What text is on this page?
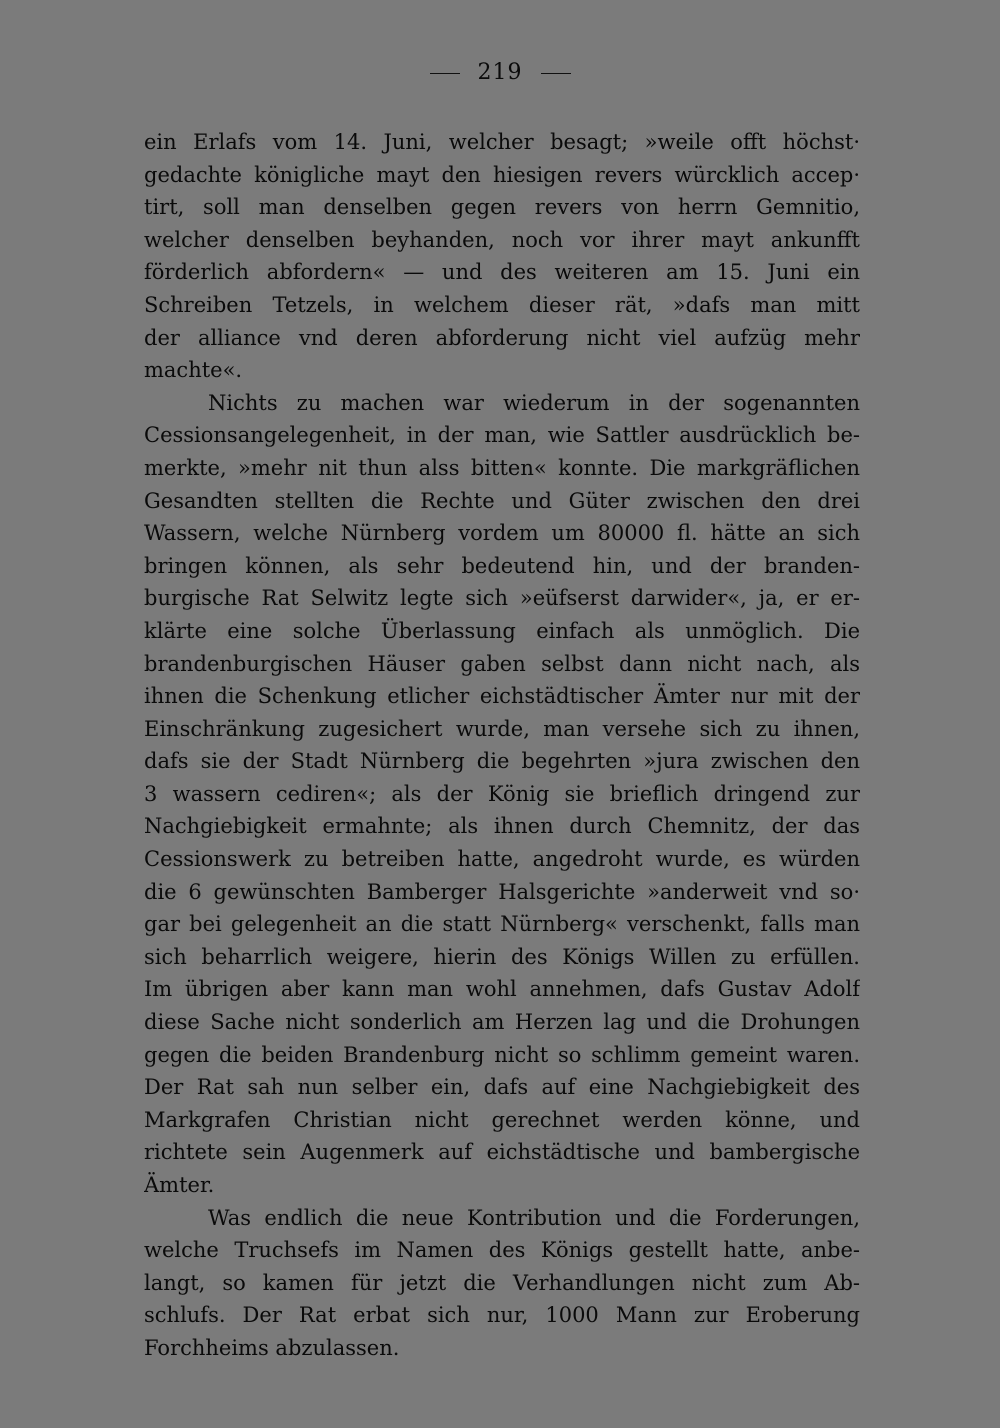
219
ein Erlafs vom 14. Juni, welcher besagt; »weile offt höchst·
gedachte königliche mayt den hiesigen revers würcklich accep·
tirt, soll man denselben gegen revers von herrn Gemnitio,
welcher denselben beyhanden, noch vor ihrer mayt ankunfft
förderlich abfordern« — und des weiteren am 15. Juni ein
Schreiben Tetzels, in welchem dieser rät, »dafs man mitt
der alliance vnd deren abforderung nicht viel aufzüg mehr
machte«.
Nichts zu machen war wiederum in der sogenannten
Cessionsangelegenheit, in der man, wie Sattler ausdrücklich be-
merkte, »mehr nit thun alss bitten« konnte. Die markgräflichen
Gesandten stellten die Rechte und Güter zwischen den drei
Wassern, welche Nürnberg vordem um 80000 fl. hätte an sich
bringen können, als sehr bedeutend hin, und der branden-
burgische Rat Selwitz legte sich »eüfserst darwider«, ja, er er-
klärte eine solche Überlassung einfach als unmöglich. Die
brandenburgischen Häuser gaben selbst dann nicht nach, als
ihnen die Schenkung etlicher eichstädtischer Ämter nur mit der
Einschränkung zugesichert wurde, man versehe sich zu ihnen,
dafs sie der Stadt Nürnberg die begehrten »jura zwischen den
3 wassern cediren«; als der König sie brieflich dringend zur
Nachgiebigkeit ermahnte; als ihnen durch Chemnitz, der das
Cessionswerk zu betreiben hatte, angedroht wurde, es würden
die 6 gewünschten Bamberger Halsgerichte »anderweit vnd so·
gar bei gelegenheit an die statt Nürnberg« verschenkt, falls man
sich beharrlich weigere, hierin des Königs Willen zu erfüllen.
Im übrigen aber kann man wohl annehmen, dafs Gustav Adolf
diese Sache nicht sonderlich am Herzen lag und die Drohungen
gegen die beiden Brandenburg nicht so schlimm gemeint waren.
Der Rat sah nun selber ein, dafs auf eine Nachgiebigkeit des
Markgrafen Christian nicht gerechnet werden könne, und
richtete sein Augenmerk auf eichstädtische und bambergische
Ämter.
Was endlich die neue Kontribution und die Forderungen,
welche Truchsefs im Namen des Königs gestellt hatte, anbe-
langt, so kamen für jetzt die Verhandlungen nicht zum Ab-
schlufs. Der Rat erbat sich nur, 1000 Mann zur Eroberung
Forchheims abzulassen.
